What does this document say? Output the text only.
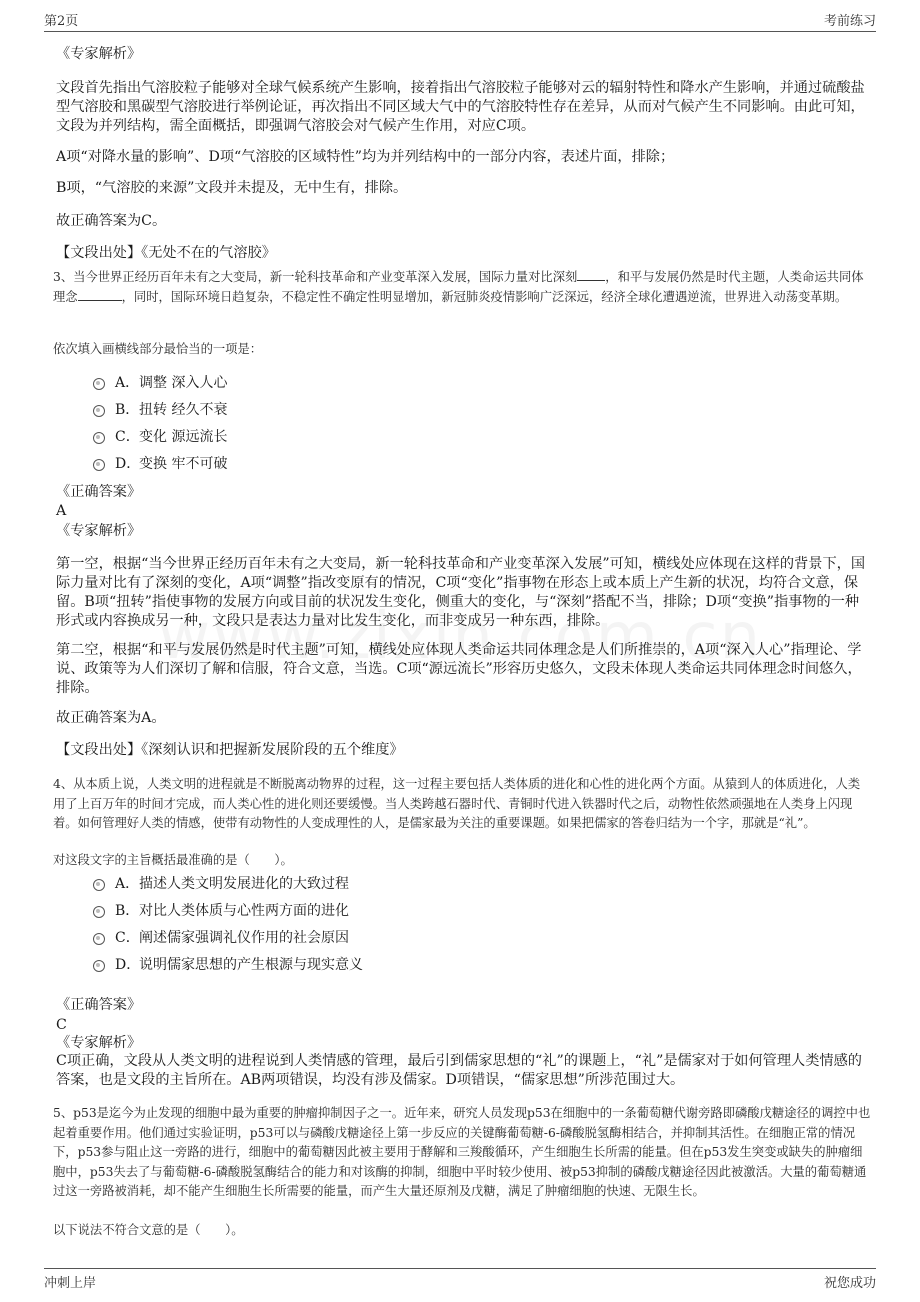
第2页	考前练习
《专家解析》
文段首先指出气溶胶粒子能够对全球气候系统产生影响，接着指出气溶胶粒子能够对云的辐射特性和降水产生影响，并通过硫酸盐型气溶胶和黑碳型气溶胶进行举例论证，再次指出不同区域大气中的气溶胶特性存在差异，从而对气候产生不同影响。由此可知，文段为并列结构，需全面概括，即强调气溶胶会对气候产生作用，对应C项。
A项“对降水量的影响”、D项“气溶胶的区域特性”均为并列结构中的一部分内容，表述片面，排除；
B项，“气溶胶的来源”文段并未提及，无中生有，排除。
故正确答案为C。
【文段出处】《无处不在的气溶胶》
3、当今世界正经历百年未有之大变局，新一轮科技革命和产业变革深入发展，国际力量对比深刻 ，和平与发展仍然是时代主题，人类命运共同体理念	，同时，国际环境日趋复杂，不稳定性不确定性明显增加，新冠肺炎疫情影响广泛深远，经济全球化遭遇逆流，世界进入动荡变革期。
依次填入画横线部分最恰当的一项是：
A． 调整 深入人心
B． 扭转 经久不衰
C． 变化 源远流长
D．
变换 牢不可破
《正确答案》
A
《专家解析》
第一空，根据“当今世界正经历百年未有之大变局，新一轮科技革命和产业变革深入发展”可知，横线处应体现在这样的背景下，国际力量对比有了深刻的变化，A项“调整”指改变原有的情况，C项“变化”指事物在形态上或本质上产生新的状况，均符合文意，保留。B项“扭转”指使事物的发展方向或目前的状况发生变化，侧重大的变化，与“深刻”搭配不当，排除；D项“变换”指事物的一种形式或内容换成另一种，文段只是表达力量对比发生变化，而非变成另一种东西，排除。
第二空，根据“和平与发展仍然是时代主题”可知，横线处应体现人类命运共同体理念是人们所推崇的，A项“深入人心”指理论、学说、政策等为人们深切了解和信服，符合文意，当选。C项“源远流长”形容历史悠久，文段未体现人类命运共同体理念时间悠久，排除。
故正确答案为A。
【文段出处】《深刻认识和把握新发展阶段的五个维度》
4、从本质上说，人类文明的进程就是不断脱离动物界的过程，这一过程主要包括人类体质的进化和心性的进化两个方面。从猿到人的体质进化，人类用了上百万年的时间才完成，而人类心性的进化则还要缓慢。当人类跨越石器时代、青铜时代进入铁器时代之后，动物性依然顽强地在人类身上闪现着。如何管理好人类的情感，使带有动物性的人变成理性的人，是儒家最为关注的重要课题。如果把儒家的答卷归结为一个字，那就是“礼”。
对这段文字的主旨概括最准确的是（　　）。
A． 描述人类文明发展进化的大致过程
B． 对比人类体质与心性两方面的进化
C． 阐述儒家强调礼仪作用的社会原因
D．
说明儒家思想的产生根源与现实意义
《正确答案》
C
《专家解析》
C项正确，文段从人类文明的进程说到人类情感的管理，最后引到儒家思想的“礼”的课题上，“礼”是儒家对于如何管理人类情感的答案，也是文段的主旨所在。AB两项错误，均没有涉及儒家。D项错误，“儒家思想”所涉范围过大。
5、p53是迄今为止发现的细胞中最为重要的肿瘤抑制因子之一。近年来，研究人员发现p53在细胞中的一条葡萄糖代谢旁路即磷酸戊糖途径的调控中也起着重要作用。他们通过实验证明，p53可以与磷酸戊糖途径上第一步反应的关键酶葡萄糖-6-磷酸脱氢酶相结合，并抑制其活性。在细胞正常的情况下，p53参与阻止这一旁路的进行，细胞中的葡萄糖因此被主要用于酵解和三羧酸循环，产生细胞生长所需的能量。但在p53发生突变或缺失的肿瘤细胞中，p53失去了与葡萄糖-6-磷酸脱氢酶结合的能力和对该酶的抑制，细胞中平时较少使用、被p53抑制的磷酸戊糖途径因此被激活。大量的葡萄糖通过这一旁路被消耗，却不能产生细胞生长所需要的能量，而产生大量还原剂及戊糖，满足了肿瘤细胞的快速、无限生长。
以下说法不符合文意的是（　　）。
冲刺上岸	祝您成功
